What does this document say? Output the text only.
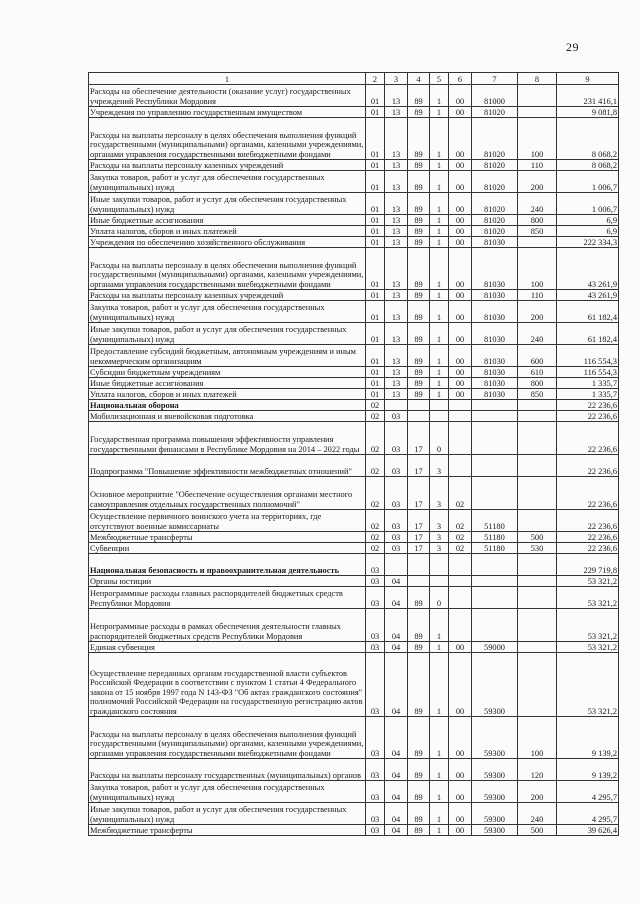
29
1	2	3	4	5	6	7	8	9
Расходы на обеспечение деятельности (оказание услуг) государственных учреждений Республики Мордовия	01	13	89	1	00	81000		231 416,1
Учреждения по управлению государственным имуществом	01	13	89	1	00	81020		9 081,8
Расходы на выплаты персоналу в целях обеспечения выполнения функций государственными (муниципальными) органами, казенными учреждениями, органами управления государственными внебюджетными фондами	01	13	89	1	00	81020	100	8 068,2
Расходы на выплаты персоналу казенных учреждений	01	13	89	1	00	81020	110	8 068,2
Закупка товаров, работ и услуг для обеспечения государственных (муниципальных) нужд	01	13	89	1	00	81020	200	1 006,7
Иные закупки товаров, работ и услуг для обеспечения государственных (муниципальных) нужд	01	13	89	1	00	81020	240	1 006,7
Иные бюджетные ассигнования	01	13	89	1	00	81020	800	6,9
Уплата налогов, сборов и иных платежей	01	13	89	1	00	81020	850	6,9
Учреждения по обеспечению хозяйственного обслуживания	01	13	89	1	00	81030		222 334,3
Расходы на выплаты персоналу в целях обеспечения выполнения функций государственными (муниципальными) органами, казенными учреждениями, органами управления государственными внебюджетными фондами	01	13	89	1	00	81030	100	43 261,9
Расходы на выплаты персоналу казенных учреждений	01	13	89	1	00	81030	110	43 261,9
Закупка товаров, работ и услуг для обеспечения государственных (муниципальных) нужд	01	13	89	1	00	81030	200	61 182,4
Иные закупки товаров, работ и услуг для обеспечения государственных (муниципальных) нужд	01	13	89	1	00	81030	240	61 182,4
Предоставление субсидий бюджетным, автономным учреждениям и иным некоммерческим организациям	01	13	89	1	00	81030	600	116 554,3
Субсидии бюджетным учреждениям	01	13	89	1	00	81030	610	116 554,3
Иные бюджетные ассигнования	01	13	89	1	00	81030	800	1 335,7
Уплата налогов, сборов и иных платежей	01	13	89	1	00	81030	850	1 335,7
Национальная оборона	02							22 236,6
Мобилизационная и вневойсковая подготовка	02	03						22 236,6
Государственная программа повышения эффективности управления государственными финансами в Республике Мордовия на 2014 – 2022 годы	02	03	17	0				22 236,6
Подпрограмма "Повышение эффективности межбюджетных отношений"	02	03	17	3				22 236,6
Основное мероприятие "Обеспечение осуществления органами местного самоуправления отдельных государственных полномочий"	02	03	17	3	02			22 236,6
Осуществление первичного воинского учета на территориях, где отсутствуют военные комиссариаты	02	03	17	3	02	51180		22 236,6
Межбюджетные трансферты	02	03	17	3	02	51180	500	22 236,6
Субвенции	02	03	17	3	02	51180	530	22 236,6
Национальная безопасность и правоохранительная деятельность	03							229 719,8
Органы юстиции	03	04						53 321,2
Непрограммные расходы главных распорядителей бюджетных средств Республики Мордовия	03	04	89	0				53 321,2
Непрограммные расходы в рамках обеспечения деятельности главных распорядителей бюджетных средств Республики Мордовия	03	04	89	1				53 321,2
Единая субвенция	03	04	89	1	00	59000		53 321,2
Осуществление переданных органам государственной власти субъектов Российской Федерации в соответствии с пунктом 1 статьи 4 Федерального закона от 15 ноября 1997 года N 143-ФЗ "Об актах гражданского состояния" полномочий Российской Федерации на государственную регистрацию актов гражданского состояния	03	04	89	1	00	59300		53 321,2
Расходы на выплаты персоналу в целях обеспечения выполнения функций государственными (муниципальными) органами, казенными учреждениями, органами управления государственными внебюджетными фондами	03	04	89	1	00	59300	100	9 139,2
Расходы на выплаты персоналу государственных (муниципальных) органов	03	04	89	1	00	59300	120	9 139,2
Закупка товаров, работ и услуг для обеспечения государственных (муниципальных) нужд	03	04	89	1	00	59300	200	4 295,7
Иные закупки товаров, работ и услуг для обеспечения государственных (муниципальных) нужд	03	04	89	1	00	59300	240	4 295,7
Межбюджетные трансферты	03	04	89	1	00	59300	500	39 626,4
